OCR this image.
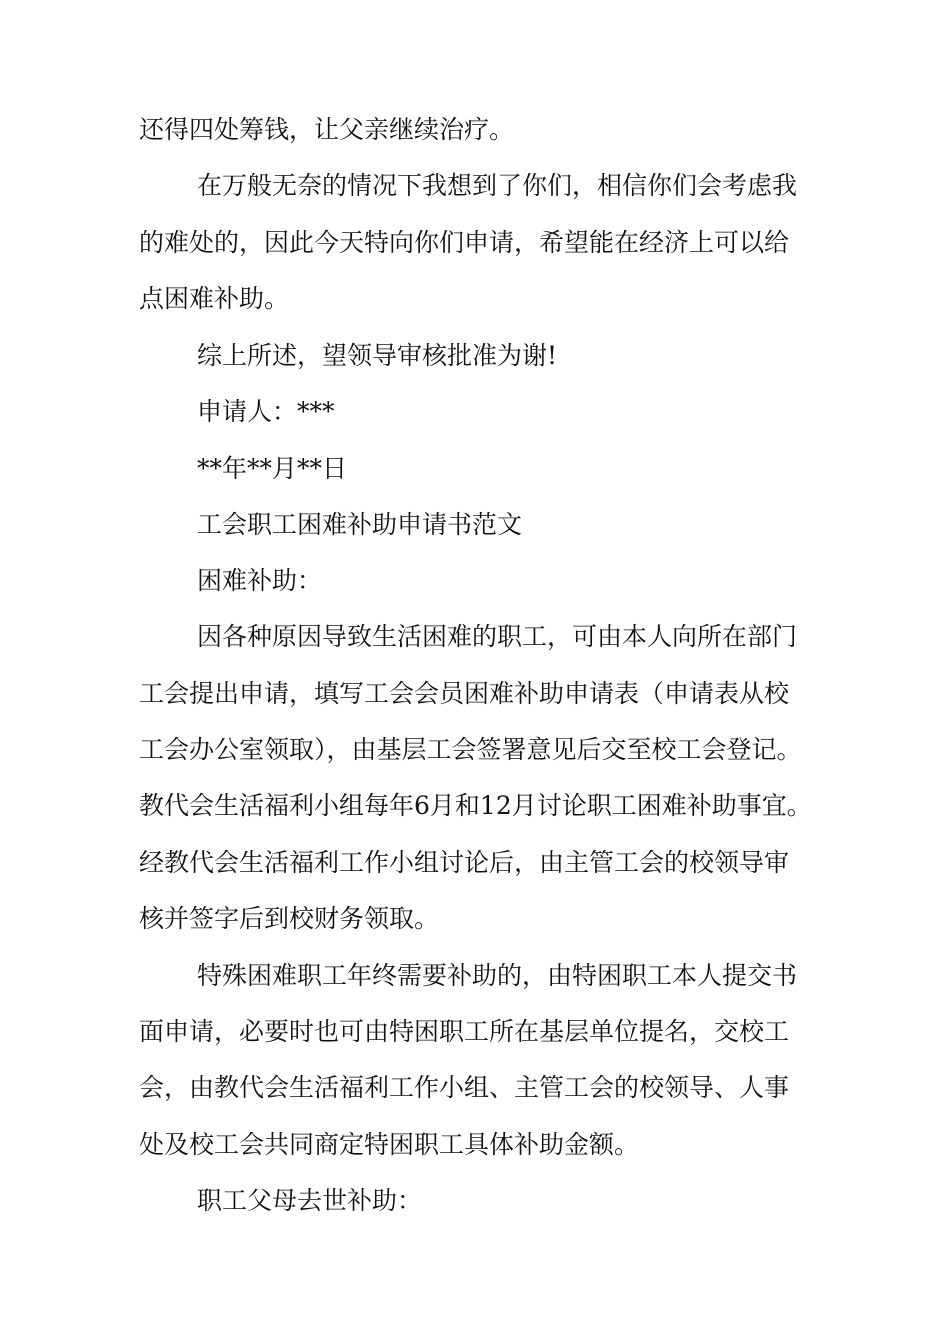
还得四处筹钱，让父亲继续治疗。
在万般无奈的情况下我想到了你们，相信你们会考虑我
的难处的，因此今天特向你们申请，希望能在经济上可以给
点困难补助。
综上所述，望领导审核批准为谢!
申请人：***
**年**月**日
工会职工困难补助申请书范文
困难补助：
因各种原因导致生活困难的职工，可由本人向所在部门
工会提出申请，填写工会会员困难补助申请表（申请表从校
工会办公室领取），由基层工会签署意见后交至校工会登记。
教代会生活福利小组每年6月和12月讨论职工困难补助事宜。
经教代会生活福利工作小组讨论后，由主管工会的校领导审
核并签字后到校财务领取。
特殊困难职工年终需要补助的，由特困职工本人提交书
面申请，必要时也可由特困职工所在基层单位提名，交校工
会，由教代会生活福利工作小组、主管工会的校领导、人事
处及校工会共同商定特困职工具体补助金额。
职工父母去世补助：
